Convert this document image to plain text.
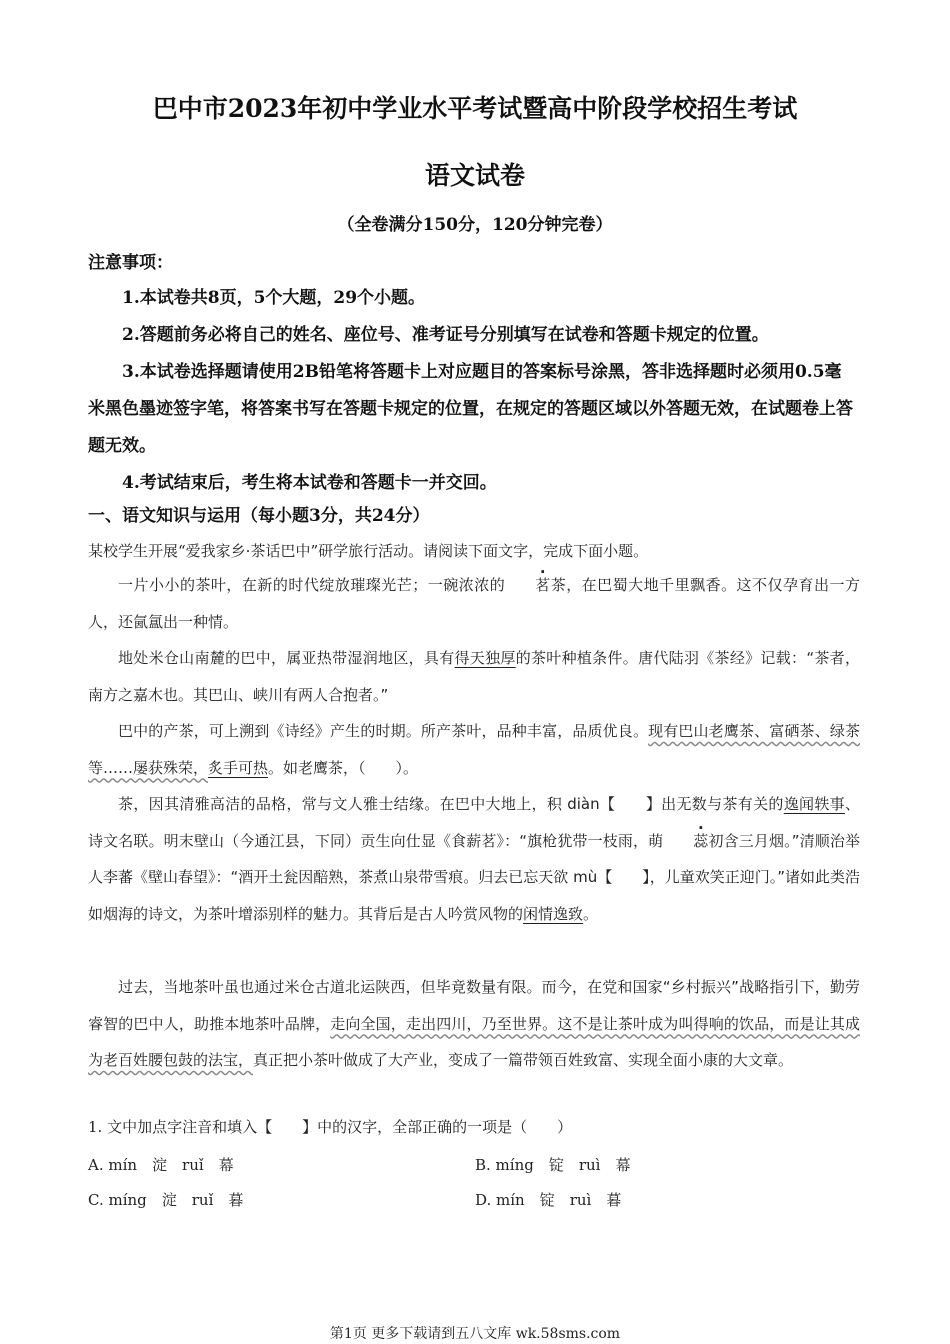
巴中市2023年初中学业水平考试暨高中阶段学校招生考试
语文试卷
（全卷满分150分，120分钟完卷）
注意事项：
1.本试卷共8页，5个大题，29个小题。
2.答题前务必将自己的姓名、座位号、准考证号分别填写在试卷和答题卡规定的位置。
3.本试卷选择题请使用2B铅笔将答题卡上对应题目的答案标号涂黑，答非选择题时必须用0.5毫米黑色墨迹签字笔，将答案书写在答题卡规定的位置，在规定的答题区域以外答题无效，在试题卷上答题无效。
4.考试结束后，考生将本试卷和答题卡一并交回。
一、语文知识与运用（每小题3分，共24分）
某校学生开展“爱我家乡·茶话巴中”研学旅行活动。请阅读下面文字，完成下面小题。
一片小小的茶叶，在新的时代绽放璀璨光芒；一碗浓浓的 茗茶，在巴蜀大地千里飘香。这不仅孕育出一方人，还氤氲出一种情。
地处米仓山南麓的巴中，属亚热带湿润地区，具有得天独厚的茶叶种植条件。唐代陆羽《茶经》记载：“茶者，南方之嘉木也。其巴山、峡川有两人合抱者。”
巴中的产茶，可上溯到《诗经》产生的时期。所产茶叶，品种丰富，品质优良。现有巴山老鹰茶、富硒茶、绿茶等……屡获殊荣，炙手可热。如老鹰茶，（　　）。
茶，因其清雅高洁的品格，常与文人雅士结缘。在巴中大地上，积 diàn【　　】出无数与茶有关的逸闻轶事、诗文名联。明末壁山（今通江县，下同）贡生向仕显《食薪茗》：“旗枪犹带一枝雨，萌 蕊初含三月烟。”清顺治举人李蕃《壁山春望》：“酒开土瓮因醅熟，茶煮山泉带雪痕。归去已忘天欲 mù【　　】，儿童欢笑正迎门。”诸如此类浩如烟海的诗文，为茶叶增添别样的魅力。其背后是古人吟赏风物的闲情逸致。
过去，当地茶叶虽也通过米仓古道北运陕西，但毕竟数量有限。而今，在党和国家“乡村振兴”战略指引下，勤劳睿智的巴中人，助推本地茶叶品牌，走向全国，走出四川，乃至世界。这不是让茶叶成为叫得响的饮品，而是让其成为老百姓腰包鼓的法宝，真正把小茶叶做成了大产业，变成了一篇带领百姓致富、实现全面小康的大文章。
1. 文中加点字注音和填入【　　】中的汉字，全部正确的一项是（　　）
A. mín　淀　ruǐ　幕	B. míng　锭　ruì　幕
C. míng　淀　ruǐ　暮	D. mín　锭　ruì　暮
第1页 更多下载请到五八文库 wk.58sms.com
